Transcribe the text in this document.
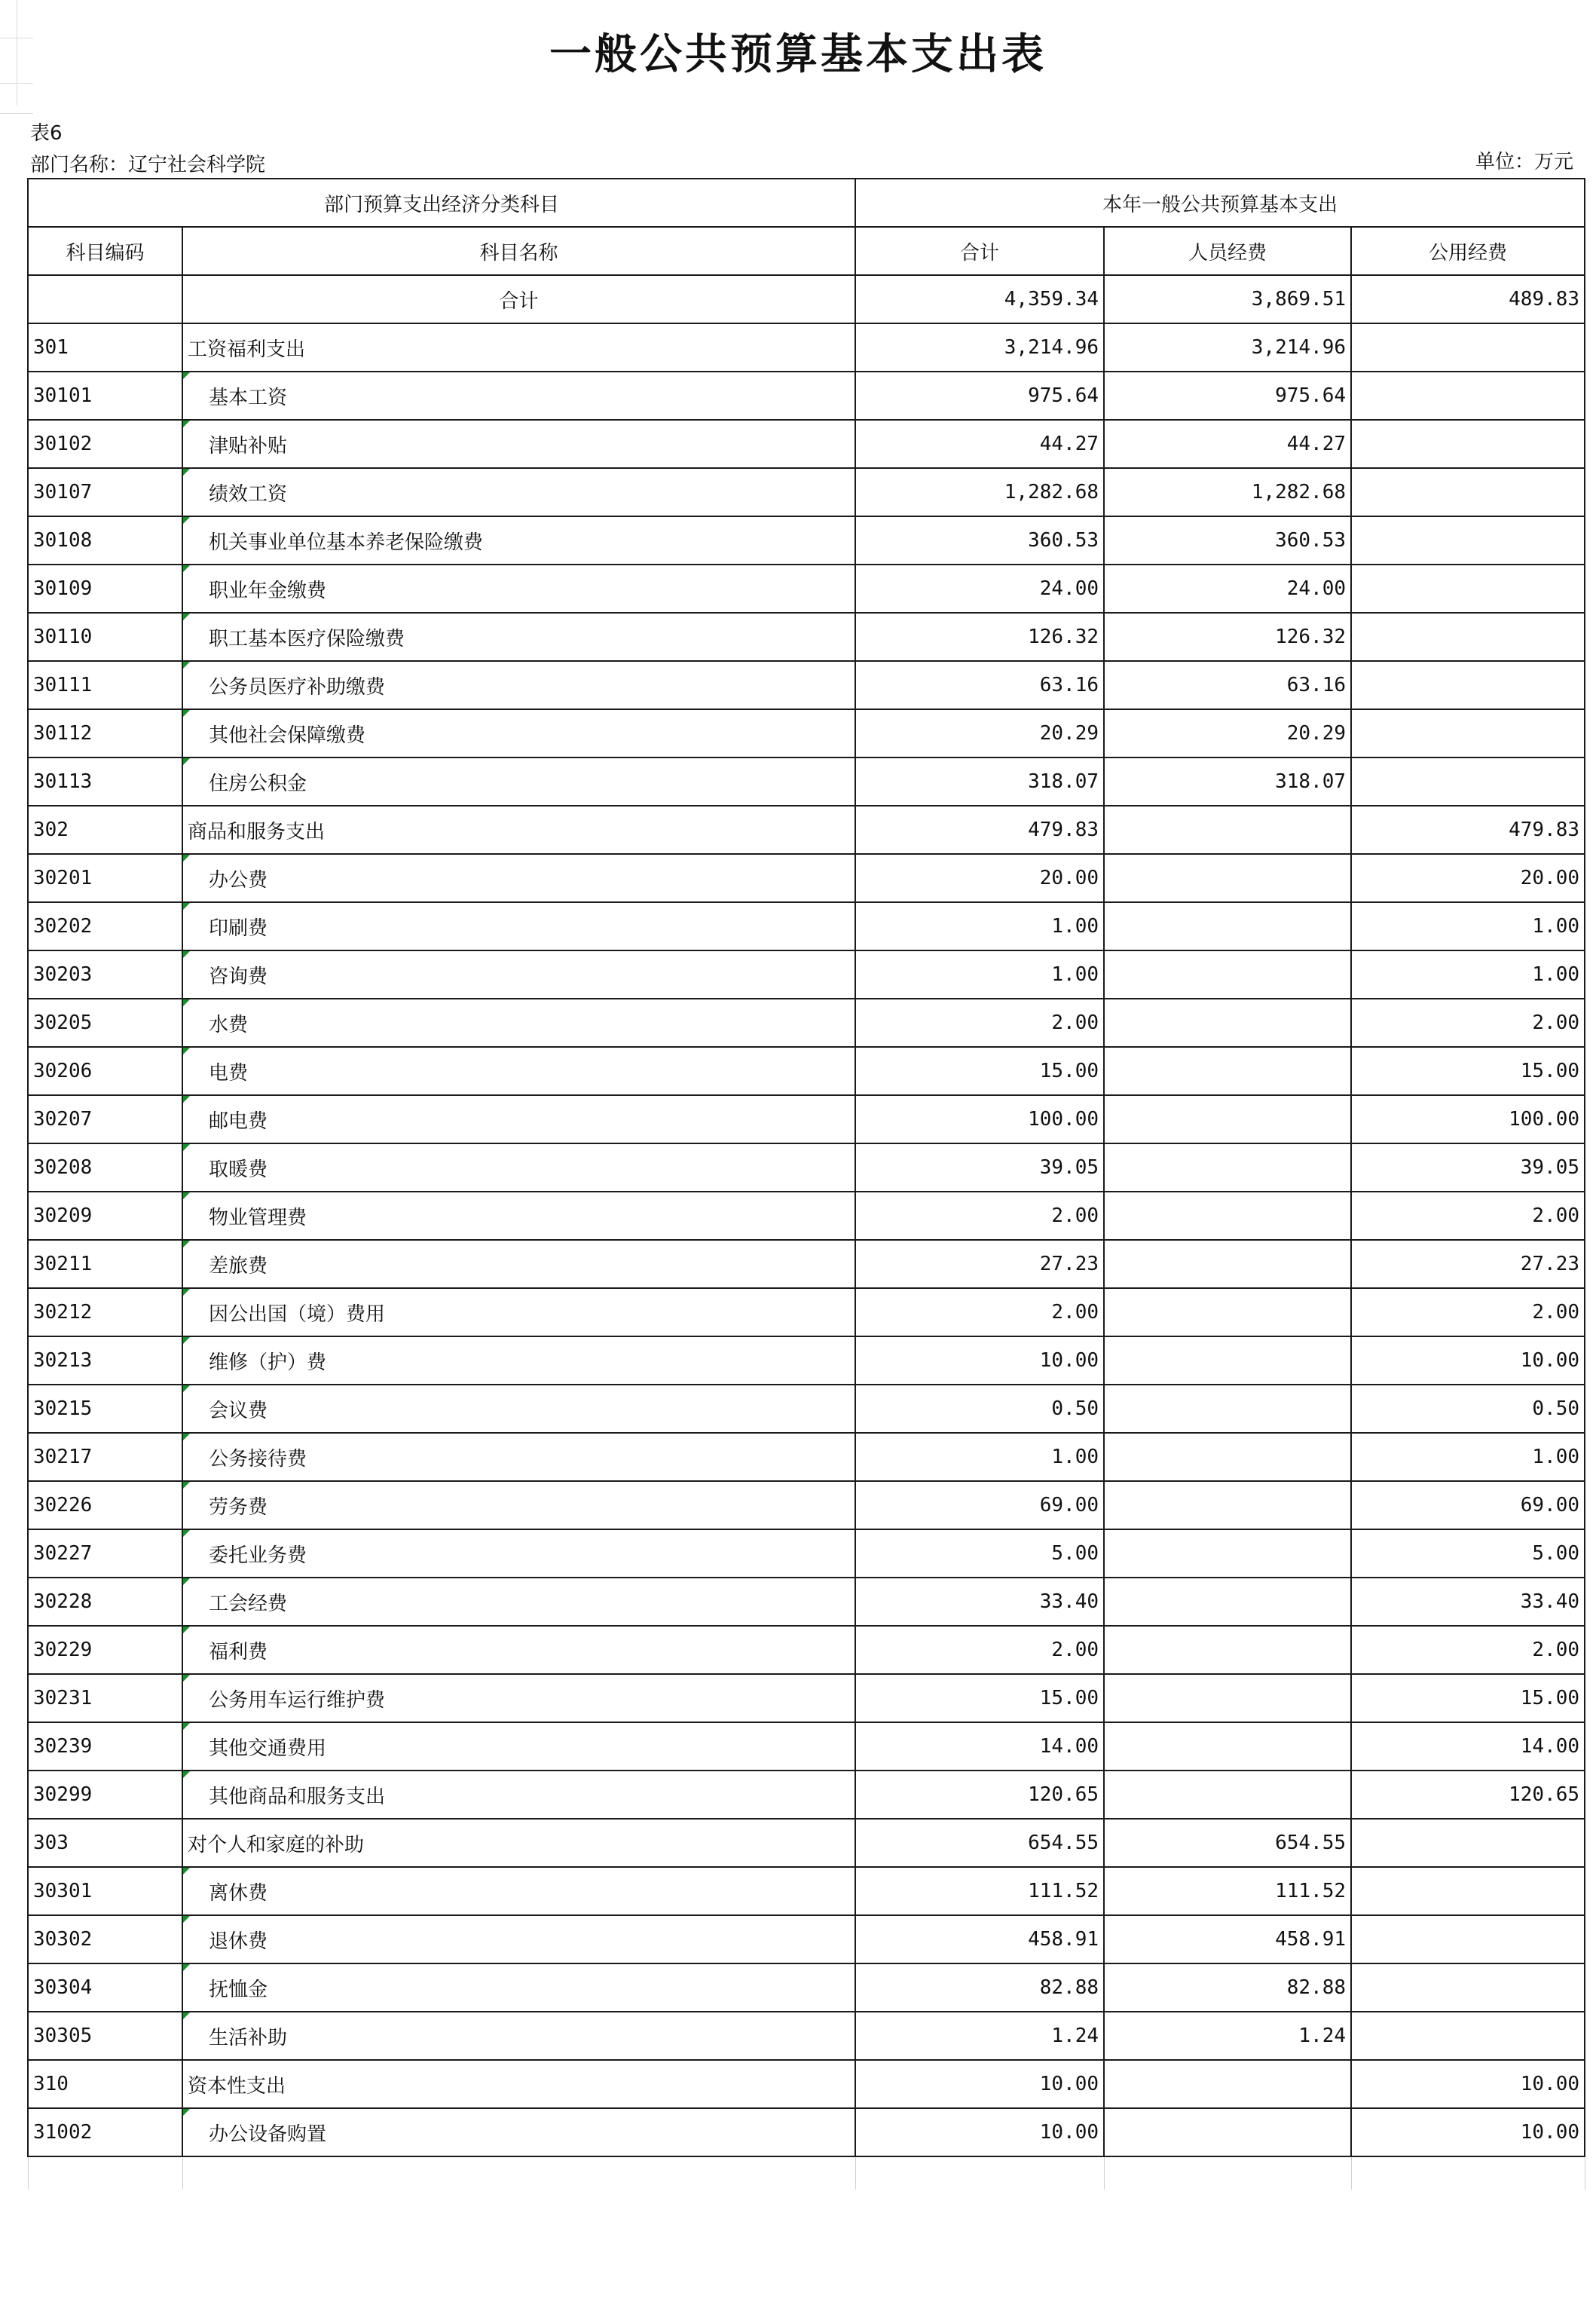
一般公共预算基本支出表
表6
部门名称：辽宁社会科学院	单位：万元
部门预算支出经济分类科目		本年一般公共预算基本支出		
科目编码	科目名称	合计	人员经费	公用经费
	合计	4,359.34	3,869.51	489.83
301	工资福利支出	3,214.96	3,214.96	
30101	基本工资	975.64	975.64	
30102	津贴补贴	44.27	44.27	
30107	绩效工资	1,282.68	1,282.68	
30108	机关事业单位基本养老保险缴费	360.53	360.53	
30109	职业年金缴费	24.00	24.00	
30110	职工基本医疗保险缴费	126.32	126.32	
30111	公务员医疗补助缴费	63.16	63.16	
30112	其他社会保障缴费	20.29	20.29	
30113	住房公积金	318.07	318.07	
302	商品和服务支出	479.83		479.83
30201	办公费	20.00		20.00
30202	印刷费	1.00		1.00
30203	咨询费	1.00		1.00
30205	水费	2.00		2.00
30206	电费	15.00		15.00
30207	邮电费	100.00		100.00
30208	取暖费	39.05		39.05
30209	物业管理费	2.00		2.00
30211	差旅费	27.23		27.23
30212	因公出国（境）费用	2.00		2.00
30213	维修（护）费	10.00		10.00
30215	会议费	0.50		0.50
30217	公务接待费	1.00		1.00
30226	劳务费	69.00		69.00
30227	委托业务费	5.00		5.00
30228	工会经费	33.40		33.40
30229	福利费	2.00		2.00
30231	公务用车运行维护费	15.00		15.00
30239	其他交通费用	14.00		14.00
30299	其他商品和服务支出	120.65		120.65
303	对个人和家庭的补助	654.55	654.55	
30301	离休费	111.52	111.52	
30302	退休费	458.91	458.91	
30304	抚恤金	82.88	82.88	
30305	生活补助	1.24	1.24	
310	资本性支出	10.00		10.00
31002	办公设备购置	10.00		10.00
